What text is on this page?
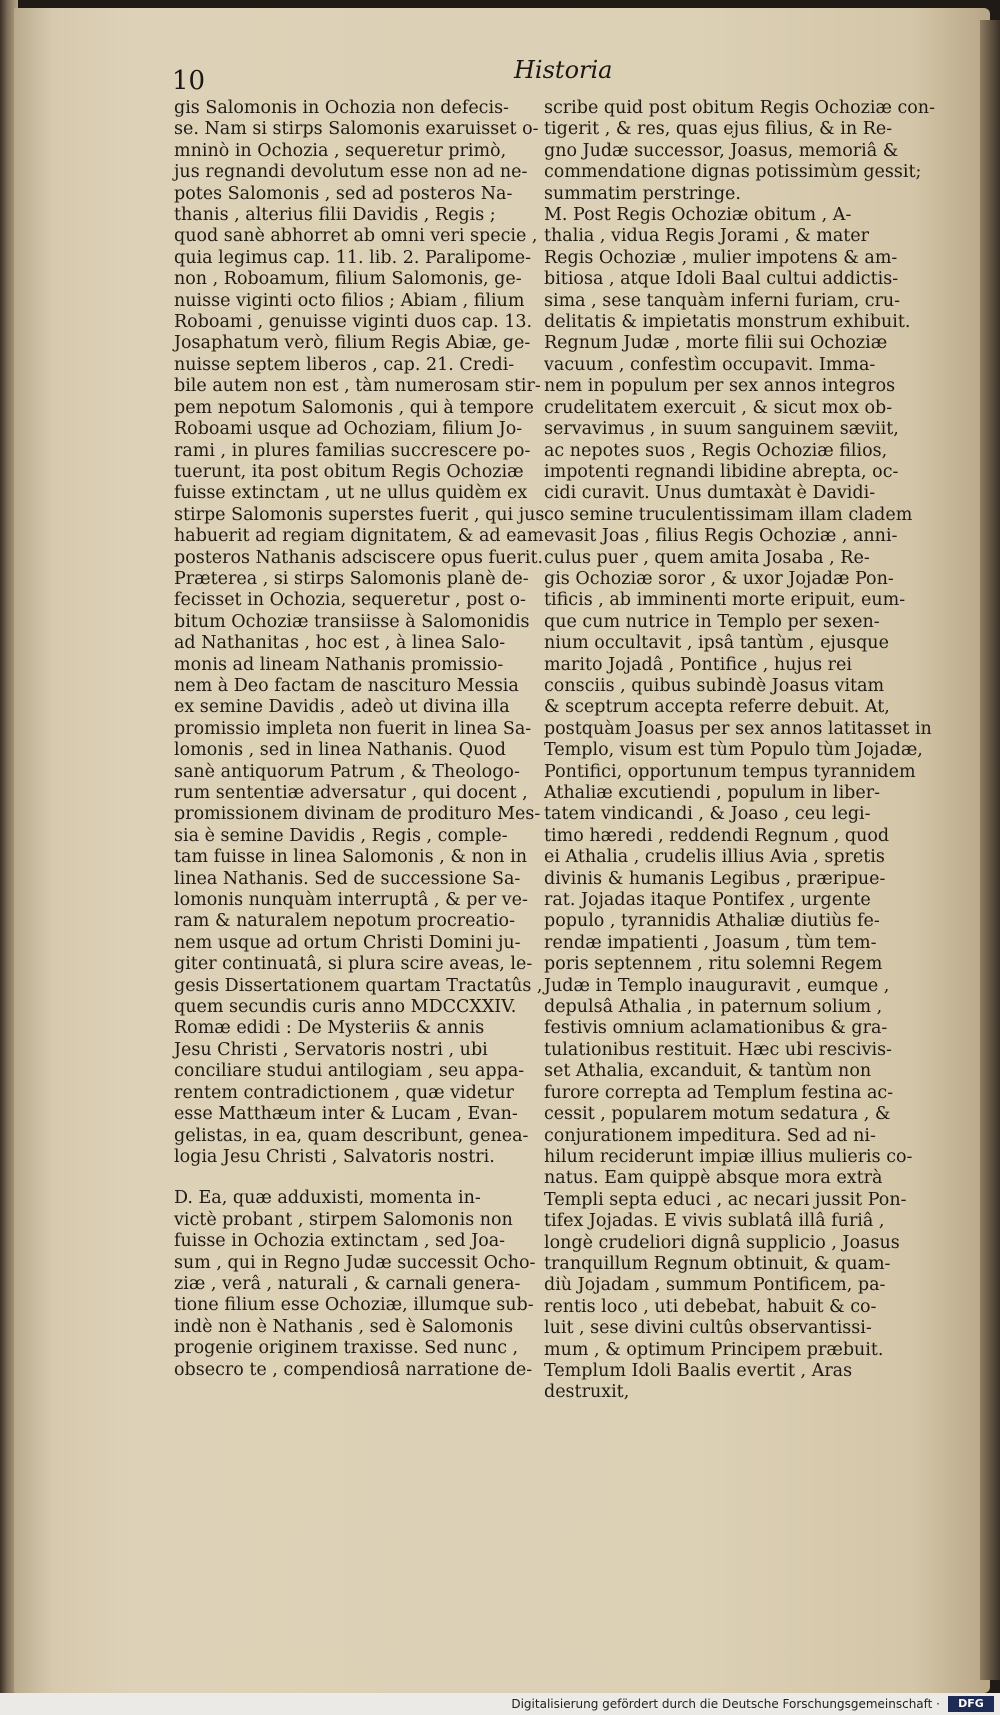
10	Historia
gis Salomonis in Ochozia non defecis-
se. Nam si stirps Salomonis exaruisset o-
mninò in Ochozia , sequeretur primò,
jus regnandi devolutum esse non ad ne-
potes Salomonis , sed ad posteros Na-
thanis , alterius filii Davidis , Regis ;
quod sanè abhorret ab omni veri specie ,
quia legimus cap. 11. lib. 2. Paralipome-
non , Roboamum, filium Salomonis, ge-
nuisse viginti octo filios ; Abiam , filium
Roboami , genuisse viginti duos cap. 13.
Josaphatum verò, filium Regis Abiæ, ge-
nuisse septem liberos , cap. 21. Credi-
bile autem non est , tàm numerosam stir-
pem nepotum Salomonis , qui à tempore
Roboami usque ad Ochoziam, filium Jo-
rami , in plures familias succrescere po-
tuerunt, ita post obitum Regis Ochoziæ
fuisse extinctam , ut ne ullus quidèm ex
stirpe Salomonis superstes fuerit , qui jus
habuerit ad regiam dignitatem, & ad eam
posteros Nathanis adsciscere opus fuerit.
Præterea , si stirps Salomonis planè de-
fecisset in Ochozia, sequeretur , post o-
bitum Ochoziæ transiisse à Salomonidis
ad Nathanitas , hoc est , à linea Salo-
monis ad lineam Nathanis promissio-
nem à Deo factam de nascituro Messia
ex semine Davidis , adeò ut divina illa
promissio impleta non fuerit in linea Sa-
lomonis , sed in linea Nathanis. Quod
sanè antiquorum Patrum , & Theologo-
rum sententiæ adversatur , qui docent ,
promissionem divinam de prodituro Mes-
sia è semine Davidis , Regis , comple-
tam fuisse in linea Salomonis , & non in
linea Nathanis. Sed de successione Sa-
lomonis nunquàm interruptâ , & per ve-
ram & naturalem nepotum procreatio-
nem usque ad ortum Christi Domini ju-
giter continuatâ, si plura scire aveas, le-
gesis Dissertationem quartam Tractatûs ,
quem secundis curis anno MDCCXXIV.
Romæ edidi : De Mysteriis & annis
Jesu Christi , Servatoris nostri , ubi
conciliare studui antilogiam , seu appa-
rentem contradictionem , quæ videtur
esse Matthæum inter & Lucam , Evan-
gelistas, in ea, quam describunt, genea-
logia Jesu Christi , Salvatoris nostri.
D. Ea, quæ adduxisti, momenta in-
victè probant , stirpem Salomonis non
fuisse in Ochozia extinctam , sed Joa-
sum , qui in Regno Judæ successit Ocho-
ziæ , verâ , naturali , & carnali genera-
tione filium esse Ochoziæ, illumque sub-
indè non è Nathanis , sed è Salomonis
progenie originem traxisse. Sed nunc ,
obsecro te , compendiosâ narratione de-
scribe quid post obitum Regis Ochoziæ con-
tigerit , & res, quas ejus filius, & in Re-
gno Judæ successor, Joasus, memoriâ &
commendatione dignas potissimùm gessit;
summatim perstringe.
M. Post Regis Ochoziæ obitum , A-
thalia , vidua Regis Jorami , & mater
Regis Ochoziæ , mulier impotens & am-
bitiosa , atque Idoli Baal cultui addictis-
sima , sese tanquàm inferni furiam, cru-
delitatis & impietatis monstrum exhibuit.
Regnum Judæ , morte filii sui Ochoziæ
vacuum , confestìm occupavit. Imma-
nem in populum per sex annos integros
crudelitatem exercuit , & sicut mox ob-
servavimus , in suum sanguinem sæviit,
ac nepotes suos , Regis Ochoziæ filios,
impotenti regnandi libidine abrepta, oc-
cidi curavit. Unus dumtaxàt è Davidi-
co semine truculentissimam illam cladem
evasit Joas , filius Regis Ochoziæ , anni-
culus puer , quem amita Josaba , Re-
gis Ochoziæ soror , & uxor Jojadæ Pon-
tificis , ab imminenti morte eripuit, eum-
que cum nutrice in Templo per sexen-
nium occultavit , ipsâ tantùm , ejusque
marito Jojadâ , Pontifice , hujus rei
consciis , quibus subindè Joasus vitam
& sceptrum accepta referre debuit. At,
postquàm Joasus per sex annos latitasset in
Templo, visum est tùm Populo tùm Jojadæ,
Pontifici, opportunum tempus tyrannidem
Athaliæ excutiendi , populum in liber-
tatem vindicandi , & Joaso , ceu legi-
timo hæredi , reddendi Regnum , quod
ei Athalia , crudelis illius Avia , spretis
divinis & humanis Legibus , præripue-
rat. Jojadas itaque Pontifex , urgente
populo , tyrannidis Athaliæ diutiùs fe-
rendæ impatienti , Joasum , tùm tem-
poris septennem , ritu solemni Regem
Judæ in Templo inauguravit , eumque ,
depulsâ Athalia , in paternum solium ,
festivis omnium aclamationibus & gra-
tulationibus restituit. Hæc ubi rescivis-
set Athalia, excanduit, & tantùm non
furore correpta ad Templum festina ac-
cessit , popularem motum sedatura , &
conjurationem impeditura. Sed ad ni-
hilum reciderunt impiæ illius mulieris co-
natus. Eam quippè absque mora extrà
Templi septa educi , ac necari jussit Pon-
tifex Jojadas. E vivis sublatâ illâ furiâ ,
longè crudeliori dignâ supplicio , Joasus
tranquillum Regnum obtinuit, & quam-
diù Jojadam , summum Pontificem, pa-
rentis loco , uti debebat, habuit & co-
luit , sese divini cultûs observantissi-
mum , & optimum Principem præbuit.
Templum Idoli Baalis evertit , Aras
destruxit,
Digitalisierung gefördert durch die Deutsche Forschungsgemeinschaft ·	DFG
